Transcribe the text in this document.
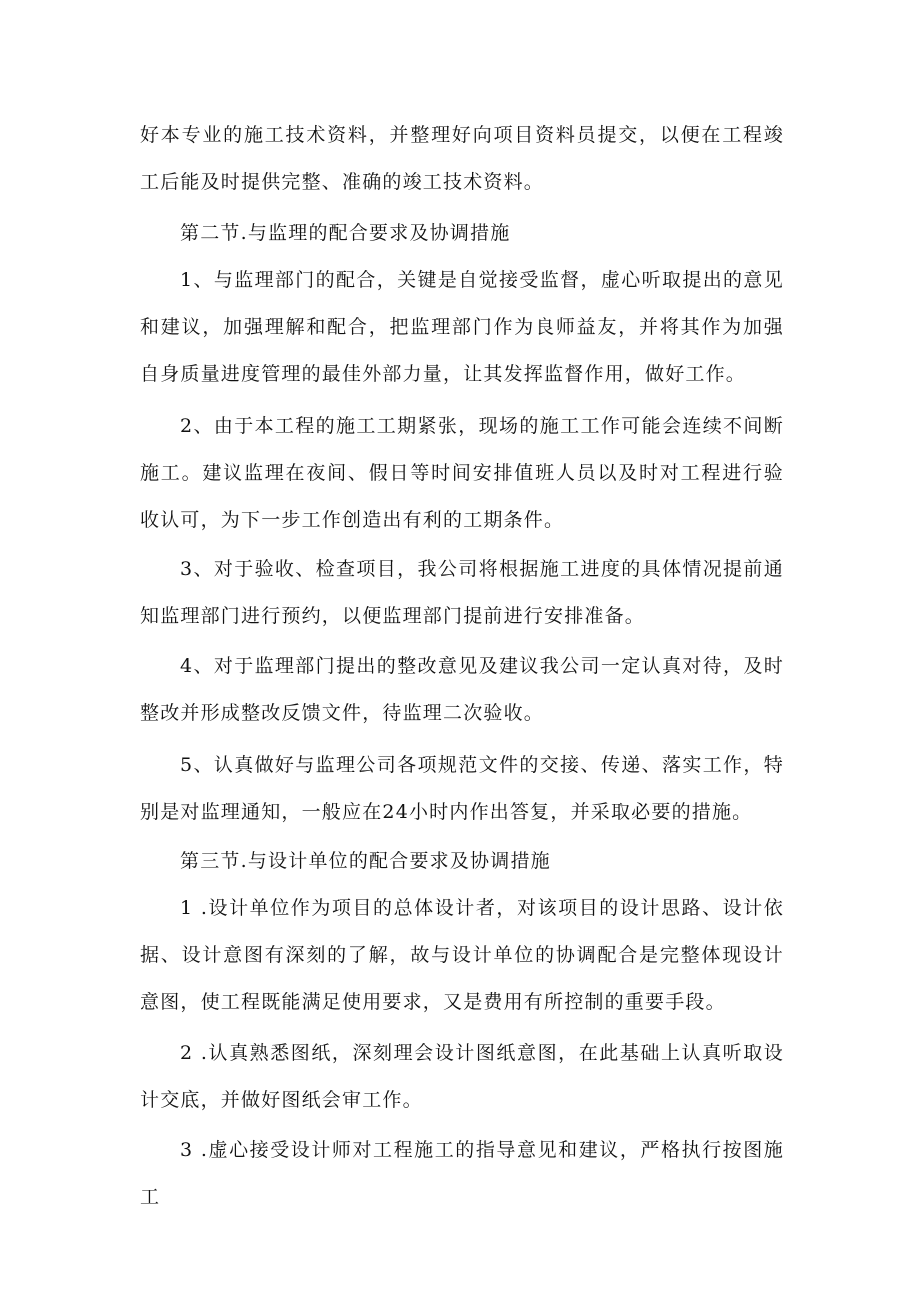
好本专业的施工技术资料，并整理好向项目资料员提交，以便在工程竣工后能及时提供完整、准确的竣工技术资料。

第二节.与监理的配合要求及协调措施

1、与监理部门的配合，关键是自觉接受监督，虚心听取提出的意见和建议，加强理解和配合，把监理部门作为良师益友，并将其作为加强自身质量进度管理的最佳外部力量，让其发挥监督作用，做好工作。

2、由于本工程的施工工期紧张，现场的施工工作可能会连续不间断施工。建议监理在夜间、假日等时间安排值班人员以及时对工程进行验收认可，为下一步工作创造出有利的工期条件。

3、对于验收、检查项目，我公司将根据施工进度的具体情况提前通知监理部门进行预约，以便监理部门提前进行安排准备。

4、对于监理部门提出的整改意见及建议我公司一定认真对待，及时整改并形成整改反馈文件，待监理二次验收。

5、认真做好与监理公司各项规范文件的交接、传递、落实工作，特别是对监理通知，一般应在24小时内作出答复，并采取必要的措施。

第三节.与设计单位的配合要求及协调措施

1 .设计单位作为项目的总体设计者，对该项目的设计思路、设计依据、设计意图有深刻的了解，故与设计单位的协调配合是完整体现设计意图，使工程既能满足使用要求，又是费用有所控制的重要手段。

2 .认真熟悉图纸，深刻理会设计图纸意图，在此基础上认真听取设计交底，并做好图纸会审工作。

3 .虚心接受设计师对工程施工的指导意见和建议，严格执行按图施工
